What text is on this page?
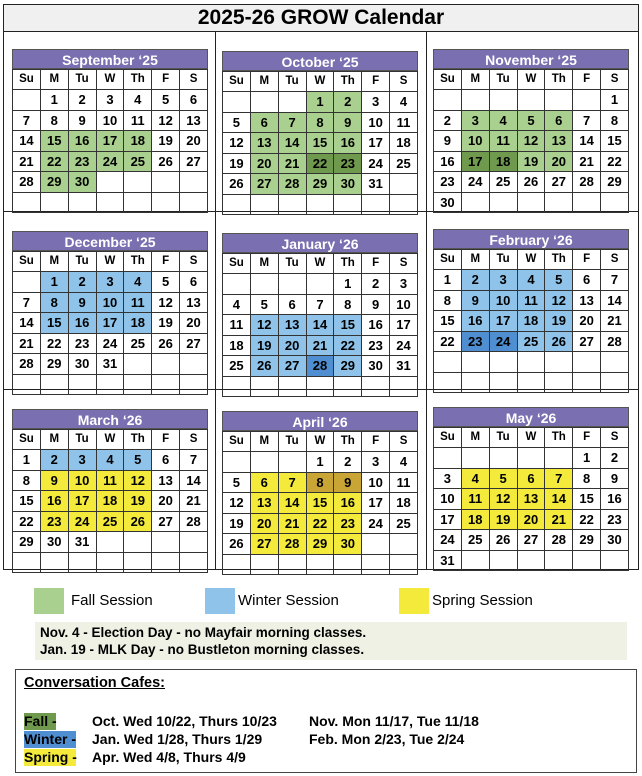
2025-26 GROW Calendar
September ‘25
Su	M	Tu	W	Th	F	S
	1	2	3	4	5	6
7	8	9	10	11	12	13
14	15	16	17	18	19	20
21	22	23	24	25	26	27
28	29	30				

October ‘25
Su	M	Tu	W	Th	F	S
			1	2	3	4
5	6	7	8	9	10	11
12	13	14	15	16	17	18
19	20	21	22	23	24	25
26	27	28	29	30	31	

November ‘25
Su	M	Tu	W	Th	F	S
						1
2	3	4	5	6	7	8
9	10	11	12	13	14	15
16	17	18	19	20	21	22
23	24	25	26	27	28	29
30						
December ‘25
Su	M	Tu	W	Th	F	S
	1	2	3	4	5	6
7	8	9	10	11	12	13
14	15	16	17	18	19	20
21	22	23	24	25	26	27
28	29	30	31			

January ‘26
Su	M	Tu	W	Th	F	S
				1	2	3
4	5	6	7	8	9	10
11	12	13	14	15	16	17
18	19	20	21	22	23	24
25	26	27	28	29	30	31

February ‘26
Su	M	Tu	W	Th	F	S
1	2	3	4	5	6	7
8	9	10	11	12	13	14
15	16	17	18	19	20	21
22	23	24	25	26	27	28

March ‘26
Su	M	Tu	W	Th	F	S
1	2	3	4	5	6	7
8	9	10	11	12	13	14
15	16	17	18	19	20	21
22	23	24	25	26	27	28
29	30	31				

April ‘26
Su	M	Tu	W	Th	F	S
			1	2	3	4
5	6	7	8	9	10	11
12	13	14	15	16	17	18
19	20	21	22	23	24	25
26	27	28	29	30		

May ‘26
Su	M	Tu	W	Th	F	S
					1	2
3	4	5	6	7	8	9
10	11	12	13	14	15	16
17	18	19	20	21	22	23
24	25	26	27	28	29	30
31						
Fall Session	Winter Session	Spring Session
Nov. 4 - Election Day - no Mayfair morning classes.
Jan. 19 - MLK Day - no Bustleton morning classes.
Conversation Cafes:
Fall -	Oct. Wed 10/22, Thurs 10/23 Nov. Mon 11/17, Tue 11/18
Winter - Jan. Wed 1/28, Thurs 1/29	Feb. Mon 2/23, Tue 2/24
Spring - Apr. Wed 4/8, Thurs 4/9
